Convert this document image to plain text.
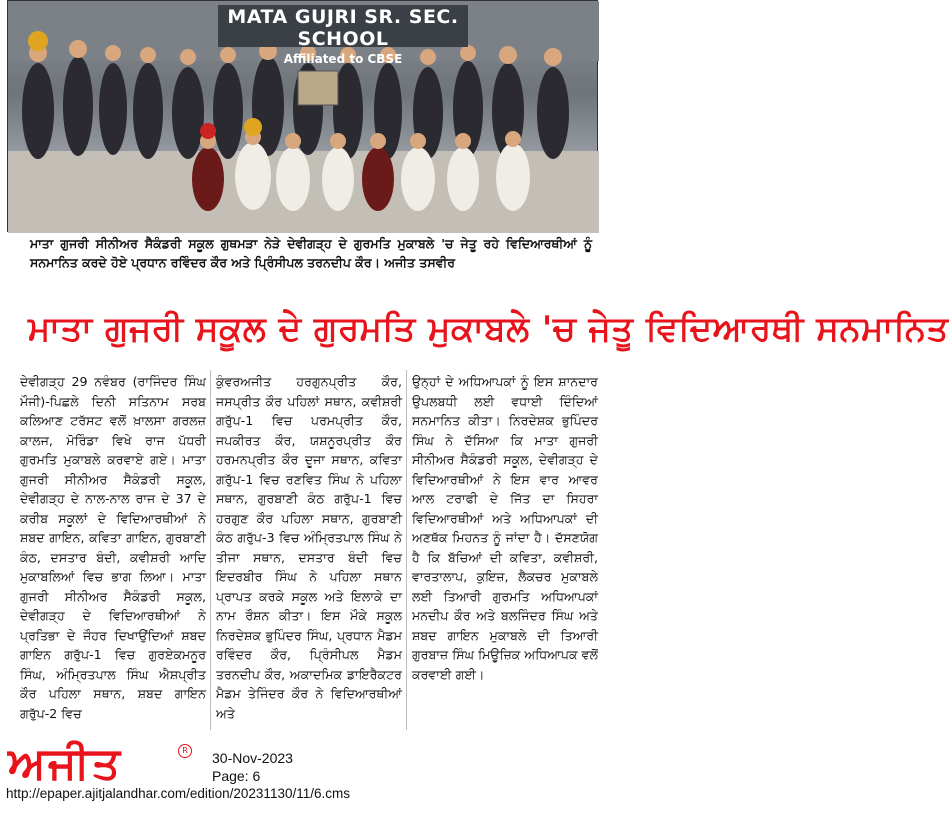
MATA GUJRI SR. SEC. SCHOOL
Affiliated to CBSE
ਮਾਤਾ ਗੁਜਰੀ ਸੀਨੀਅਰ ਸੈਕੰਡਰੀ ਸਕੂਲ ਗੁਥਮੜਾ ਨੇੜੇ ਦੇਵੀਗੜ੍ਹ ਦੇ ਗੁਰਮਤਿ ਮੁਕਾਬਲੇ 'ਚ ਜੇਤੂ ਰਹੇ ਵਿਦਿਆਰਥੀਆਂ ਨੂੰ ਸਨਮਾਨਿਤ ਕਰਦੇ ਹੋਏ ਪ੍ਰਧਾਨ ਰਵਿੰਦਰ ਕੌਰ ਅਤੇ ਪ੍ਰਿੰਸੀਪਲ ਤਰਨਦੀਪ ਕੌਰ। ਅਜੀਤ ਤਸਵੀਰ
ਮਾਤਾ ਗੁਜਰੀ ਸਕੂਲ ਦੇ ਗੁਰਮਤਿ ਮੁਕਾਬਲੇ 'ਚ ਜੇਤੂ ਵਿਦਿਆਰਥੀ ਸਨਮਾਨਿਤ
ਦੇਵੀਗੜ੍ਹ 29 ਨਵੰਬਰ (ਰਾਜਿੰਦਰ ਸਿੰਘ ਮੌਜੀ)-ਪਿਛਲੇ ਦਿਨੀ ਸਤਿਨਾਮ ਸਰਬ ਕਲਿਆਣ ਟਰੱਸਟ ਵਲੋਂ ਖ਼ਾਲਸਾ ਗਰਲਜ਼ ਕਾਲਜ, ਮੋਰਿੰਡਾ ਵਿਖੇ ਰਾਜ ਪੱਧਰੀ ਗੁਰਮਤਿ ਮੁਕਾਬਲੇ ਕਰਵਾਏ ਗਏ। ਮਾਤਾ ਗੁਜਰੀ ਸੀਨੀਅਰ ਸੈਕੰਡਰੀ ਸਕੂਲ, ਦੇਵੀਗੜ੍ਹ ਦੇ ਨਾਲ-ਨਾਲ ਰਾਜ ਦੇ 37 ਦੇ ਕਰੀਬ ਸਕੂਲਾਂ ਦੇ ਵਿਦਿਆਰਥੀਆਂ ਨੇ ਸ਼ਬਦ ਗਾਇਨ, ਕਵਿਤਾ ਗਾਇਨ, ਗੁਰਬਾਣੀ ਕੰਠ, ਦਸਤਾਰ ਬੰਦੀ, ਕਵੀਸ਼ਰੀ ਆਦਿ ਮੁਕਾਬਲਿਆਂ ਵਿਚ ਭਾਗ ਲਿਆ। ਮਾਤਾ ਗੁਜਰੀ ਸੀਨੀਅਰ ਸੈਕੰਡਰੀ ਸਕੂਲ, ਦੇਵੀਗੜ੍ਹ ਦੇ ਵਿਦਿਆਰਥੀਆਂ ਨੇ ਪ੍ਰਤਿਭਾ ਦੇ ਜੌਹਰ ਦਿਖਾਉਂਦਿਆਂ ਸ਼ਬਦ ਗਾਇਨ ਗਰੁੱਪ-1 ਵਿਚ ਗੁਰਏਕਮਨੂਰ ਸਿੰਘ, ਅੰਮ੍ਰਿਤਪਾਲ ਸਿੰਘ ਐਸ਼ਪ੍ਰੀਤ ਕੌਰ ਪਹਿਲਾ ਸਥਾਨ, ਸ਼ਬਦ ਗਾਇਨ ਗਰੁੱਪ-2 ਵਿਚ
ਕੁੰਵਰਅਜੀਤ ਹਰਗੁਨਪ੍ਰੀਤ ਕੌਰ, ਜਸਪ੍ਰੀਤ ਕੌਰ ਪਹਿਲਾਂ ਸਥਾਨ, ਕਵੀਸ਼ਰੀ ਗਰੁੱਪ-1 ਵਿਚ ਪਰਮਪ੍ਰੀਤ ਕੌਰ, ਜਪਕੀਰਤ ਕੌਰ, ਯਸ਼ਨੂਰਪ੍ਰੀਤ ਕੌਰ ਹਰਮਨਪ੍ਰੀਤ ਕੌਰ ਦੂਜਾ ਸਥਾਨ, ਕਵਿਤਾ ਗਰੁੱਪ-1 ਵਿਚ ਰਣਵਿਤ ਸਿੰਘ ਨੇ ਪਹਿਲਾ ਸਥਾਨ, ਗੁਰਬਾਣੀ ਕੰਠ ਗਰੁੱਪ-1 ਵਿਚ ਹਰਗੁਣ ਕੌਰ ਪਹਿਲਾ ਸਥਾਨ, ਗੁਰਬਾਣੀ ਕੰਠ ਗਰੁੱਪ-3 ਵਿਚ ਅੰਮ੍ਰਿਤਪਾਲ ਸਿੰਘ ਨੇ ਤੀਜਾ ਸਥਾਨ, ਦਸਤਾਰ ਬੰਦੀ ਵਿਚ ਇਦਰਬੀਰ ਸਿੰਘ ਨੇ ਪਹਿਲਾ ਸਥਾਨ ਪ੍ਰਾਪਤ ਕਰਕੇ ਸਕੂਲ ਅਤੇ ਇਲਾਕੇ ਦਾ ਨਾਮ ਰੌਸ਼ਨ ਕੀਤਾ। ਇਸ ਮੌਕੇ ਸਕੂਲ ਨਿਰਦੇਸ਼ਕ ਭੁਪਿੰਦਰ ਸਿੰਘ, ਪ੍ਰਧਾਨ ਮੈਡਮ ਰਵਿੰਦਰ ਕੌਰ, ਪ੍ਰਿੰਸੀਪਲ ਮੈਡਮ ਤਰਨਦੀਪ ਕੌਰ, ਅਕਾਦਮਿਕ ਡਾਇਰੈਕਟਰ ਮੈਡਮ ਤੇਜਿੰਦਰ ਕੌਰ ਨੇ ਵਿਦਿਆਰਥੀਆਂ ਅਤੇ
ਉਨ੍ਹਾਂ ਦੇ ਅਧਿਆਪਕਾਂ ਨੂੰ ਇਸ ਸ਼ਾਨਦਾਰ ਉਪਲਬਧੀ ਲਈ ਵਧਾਈ ਦਿੰਦਿਆਂ ਸਨਮਾਨਿਤ ਕੀਤਾ। ਨਿਰਦੇਸ਼ਕ ਭੁਪਿੰਦਰ ਸਿੰਘ ਨੇ ਦੱਸਿਆ ਕਿ ਮਾਤਾ ਗੁਜਰੀ ਸੀਨੀਅਰ ਸੈਕੰਡਰੀ ਸਕੂਲ, ਦੇਵੀਗੜ੍ਹ ਦੇ ਵਿਦਿਆਰਥੀਆਂ ਨੇ ਇਸ ਵਾਰ ਆਵਰ ਆਲ ਟਰਾਫੀ ਦੇ ਜਿੱਤ ਦਾ ਸਿਹਰਾ ਵਿਦਿਆਰਥੀਆਂ ਅਤੇ ਅਧਿਆਪਕਾਂ ਦੀ ਅਣਥੱਕ ਮਿਹਨਤ ਨੂੰ ਜਾਂਦਾ ਹੈ। ਦੱਸਣਯੋਗ ਹੈ ਕਿ ਬੱਚਿਆਂ ਦੀ ਕਵਿਤਾ, ਕਵੀਸ਼ਰੀ, ਵਾਰਤਾਲਾਪ, ਕੁਇਜ਼, ਲੈਕਚਰ ਮੁਕਾਬਲੇ ਲਈ ਤਿਆਰੀ ਗੁਰਮਤਿ ਅਧਿਆਪਕਾਂ ਮਨਦੀਪ ਕੌਰ ਅਤੇ ਬਲਜਿੰਦਰ ਸਿੰਘ ਅਤੇ ਸ਼ਬਦ ਗਾਇਨ ਮੁਕਾਬਲੇ ਦੀ ਤਿਆਰੀ ਗੁਰਬਾਜ਼ ਸਿੰਘ ਮਿਊਜ਼ਿਕ ਅਧਿਆਪਕ ਵਲੋਂ ਕਰਵਾਈ ਗਈ।
ਅਜੀਤ	R	30-Nov-2023
Page: 6
http://epaper.ajitjalandhar.com/edition/20231130/11/6.cms
